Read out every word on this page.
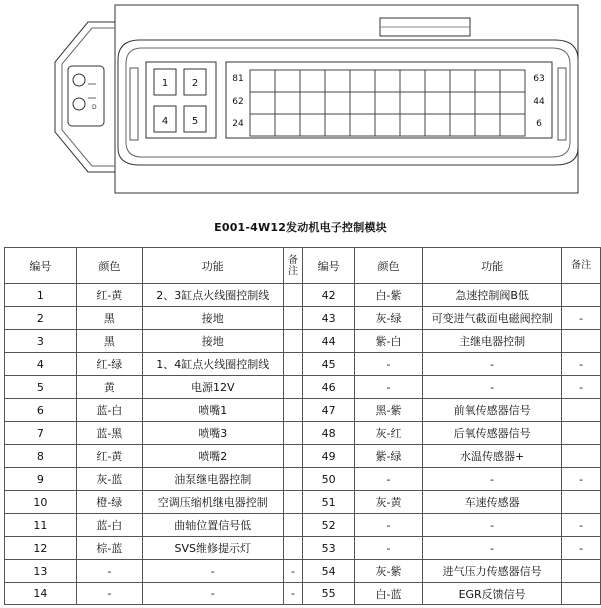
D
1 2
4 5
81
62
24
63
44
6
E001-4W12发动机电子控制模块
编号	颜色	功能	备注	编号	颜色	功能	备注
1	红-黄	2、3缸点火线圈控制线		42	白-紫	急速控制阀B低	
2	黑	接地		43	灰-绿	可变进气截面电磁阀控制	-
3	黑	接地		44	紫-白	主继电器控制	
4	红-绿	1、4缸点火线圈控制线		45	-	-	-
5	黄	电源12V		46	-	-	-
6	蓝-白	喷嘴1		47	黑-紫	前氧传感器信号	
7	蓝-黑	喷嘴3		48	灰-红	后氧传感器信号	
8	红-黄	喷嘴2		49	紫-绿	水温传感器+	
9	灰-蓝	油泵继电器控制		50	-	-	-
10	橙-绿	空调压缩机继电器控制		51	灰-黄	车速传感器	
11	蓝-白	曲轴位置信号低		52	-	-	-
12	棕-蓝	SVS维修提示灯		53	-	-	-
13	-	-	-	54	灰-紫	进气压力传感器信号	
14	-	-	-	55	白-蓝	EGR反馈信号	
